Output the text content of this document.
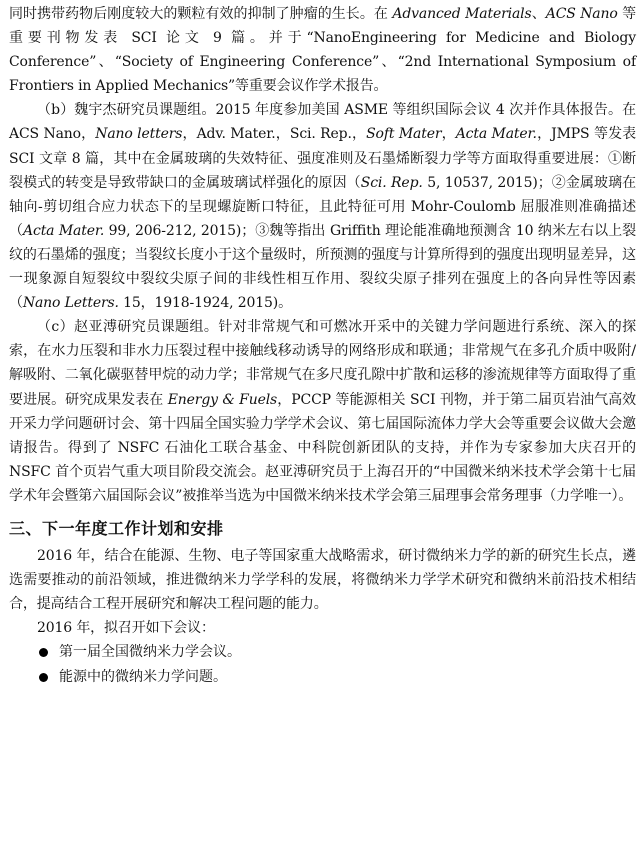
同时携带药物后刚度较大的颗粒有效的抑制了肿瘤的生长。在 Advanced Materials、ACS Nano 等重要刊物发表 SCI 论文 9 篇。并于“NanoEngineering for Medicine and Biology Conference”、“Society of Engineering Conference”、“2nd International Symposium of Frontiers in Applied Mechanics”等重要会议作学术报告。

（b）魏宇杰研究员课题组。2015 年度参加美国 ASME 等组织国际会议 4 次并作具体报告。在 ACS Nano，Nano letters，Adv. Mater.，Sci. Rep.，Soft Mater，Acta Mater.，JMPS 等发表 SCI 文章 8 篇，其中在金属玻璃的失效特征、强度准则及石墨烯断裂力学等方面取得重要进展：①断裂模式的转变是导致带缺口的金属玻璃试样强化的原因（Sci. Rep. 5, 10537, 2015)；②金属玻璃在轴向-剪切组合应力状态下的呈现螺旋断口特征，且此特征可用 Mohr-Coulomb 屈服准则准确描述（Acta Mater. 99, 206-212, 2015)；③魏等指出 Griffith 理论能准确地预测含 10 纳米左右以上裂纹的石墨烯的强度；当裂纹长度小于这个量级时，所预测的强度与计算所得到的强度出现明显差异，这一现象源自短裂纹中裂纹尖原子间的非线性相互作用、裂纹尖原子排列在强度上的各向异性等因素（Nano Letters. 15，1918-1924, 2015)。

（c）赵亚溥研究员课题组。针对非常规气和可燃冰开采中的关键力学问题进行系统、深入的探索，在水力压裂和非水力压裂过程中接触线移动诱导的网络形成和联通；非常规气在多孔介质中吸附/解吸附、二氧化碳驱替甲烷的动力学；非常规气在多尺度孔隙中扩散和运移的渗流规律等方面取得了重要进展。研究成果发表在 Energy & Fuels，PCCP 等能源相关 SCI 刊物，并于第二届页岩油气高效开采力学问题研讨会、第十四届全国实验力学学术会议、第七届国际流体力学大会等重要会议做大会邀请报告。得到了 NSFC 石油化工联合基金、中科院创新团队的支持，并作为专家参加大庆召开的 NSFC 首个页岩气重大项目阶段交流会。赵亚溥研究员于上海召开的“中国微米纳米技术学会第十七届学术年会暨第六届国际会议”被推举当选为中国微米纳米技术学会第三届理事会常务理事（力学唯一）。

三、下一年度工作计划和安排

2016 年，结合在能源、生物、电子等国家重大战略需求，研讨微纳米力学的新的研究生长点，遴选需要推动的前沿领域，推进微纳米力学学科的发展，将微纳米力学学术研究和微纳米前沿技术相结合，提高结合工程开展研究和解决工程问题的能力。

2016 年，拟召开如下会议：

第一届全国微纳米力学会议。
能源中的微纳米力学问题。
